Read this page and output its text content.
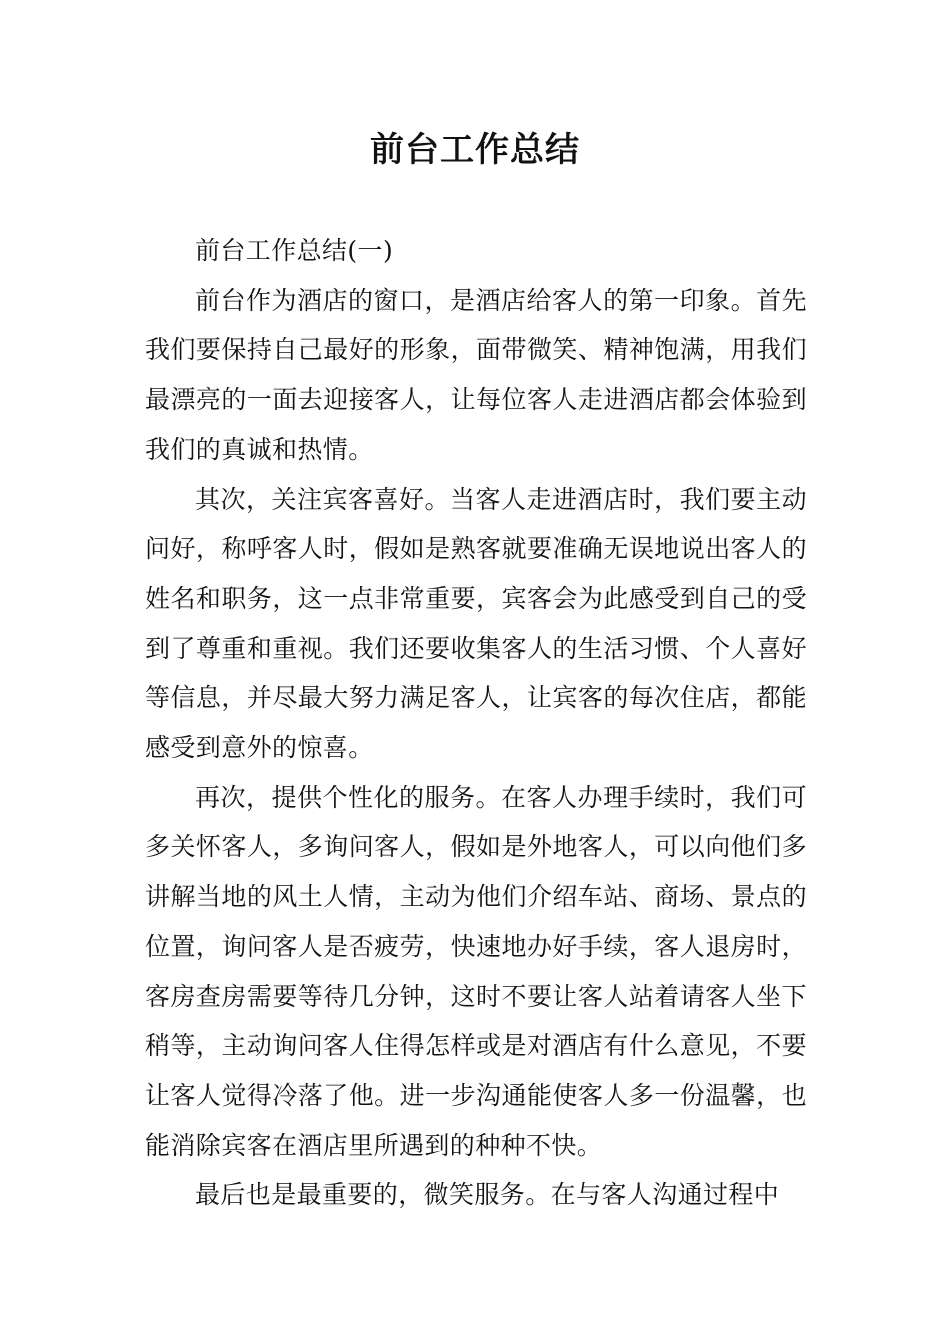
前台工作总结

前台工作总结(一)

前台作为酒店的窗口，是酒店给客人的第一印象。首先我们要保持自己最好的形象，面带微笑、精神饱满，用我们最漂亮的一面去迎接客人，让每位客人走进酒店都会体验到我们的真诚和热情。

其次，关注宾客喜好。当客人走进酒店时，我们要主动问好，称呼客人时，假如是熟客就要准确无误地说出客人的姓名和职务，这一点非常重要，宾客会为此感受到自己的受到了尊重和重视。我们还要收集客人的生活习惯、个人喜好等信息，并尽最大努力满足客人，让宾客的每次住店，都能感受到意外的惊喜。

再次，提供个性化的服务。在客人办理手续时，我们可多关怀客人，多询问客人，假如是外地客人，可以向他们多讲解当地的风土人情，主动为他们介绍车站、商场、景点的位置，询问客人是否疲劳，快速地办好手续，客人退房时，客房查房需要等待几分钟，这时不要让客人站着请客人坐下稍等，主动询问客人住得怎样或是对酒店有什么意见，不要让客人觉得冷落了他。进一步沟通能使客人多一份温馨，也能消除宾客在酒店里所遇到的种种不快。

最后也是最重要的，微笑服务。在与客人沟通过程中
